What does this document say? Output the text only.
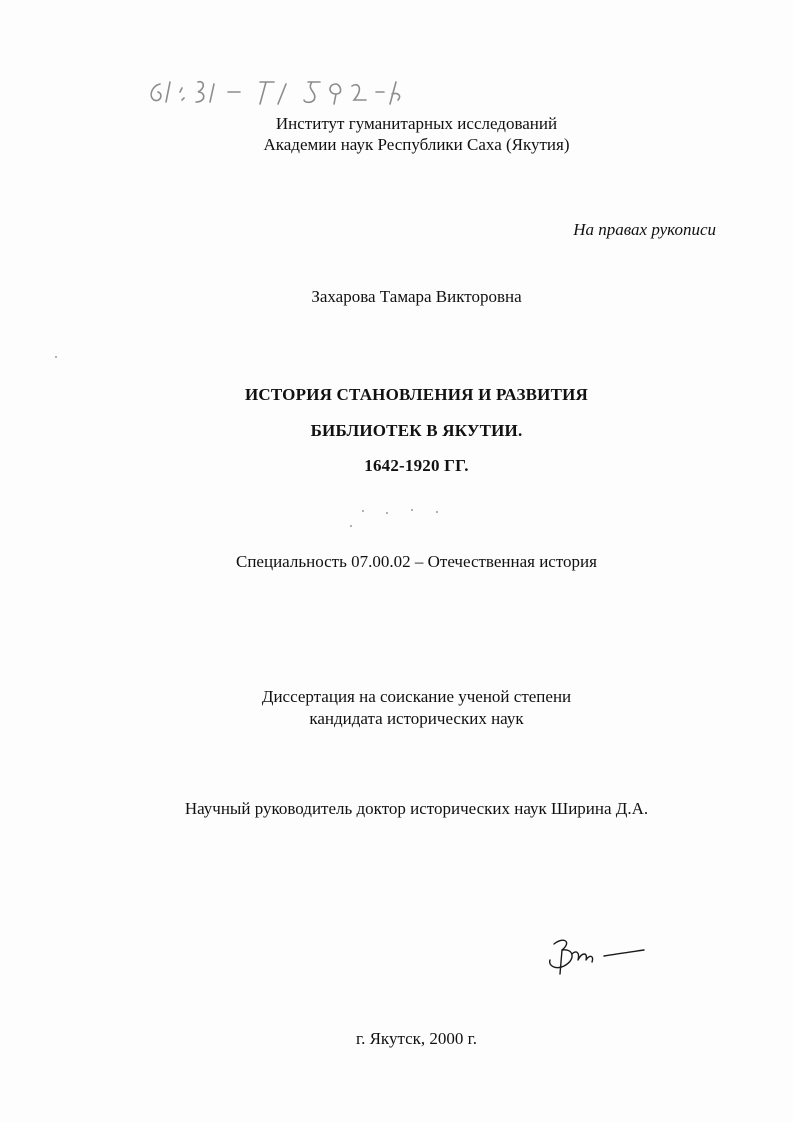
Институт гуманитарных исследований
Академии наук Республики Саха (Якутия)
На правах рукописи
Захарова Тамара Викторовна
ИСТОРИЯ СТАНОВЛЕНИЯ И РАЗВИТИЯ
БИБЛИОТЕК В ЯКУТИИ.
1642-1920 ГГ.
Специальность 07.00.02 – Отечественная история
Диссертация на соискание ученой степени
кандидата исторических наук
Научный руководитель доктор исторических наук Ширина Д.А.
г. Якутск, 2000 г.
